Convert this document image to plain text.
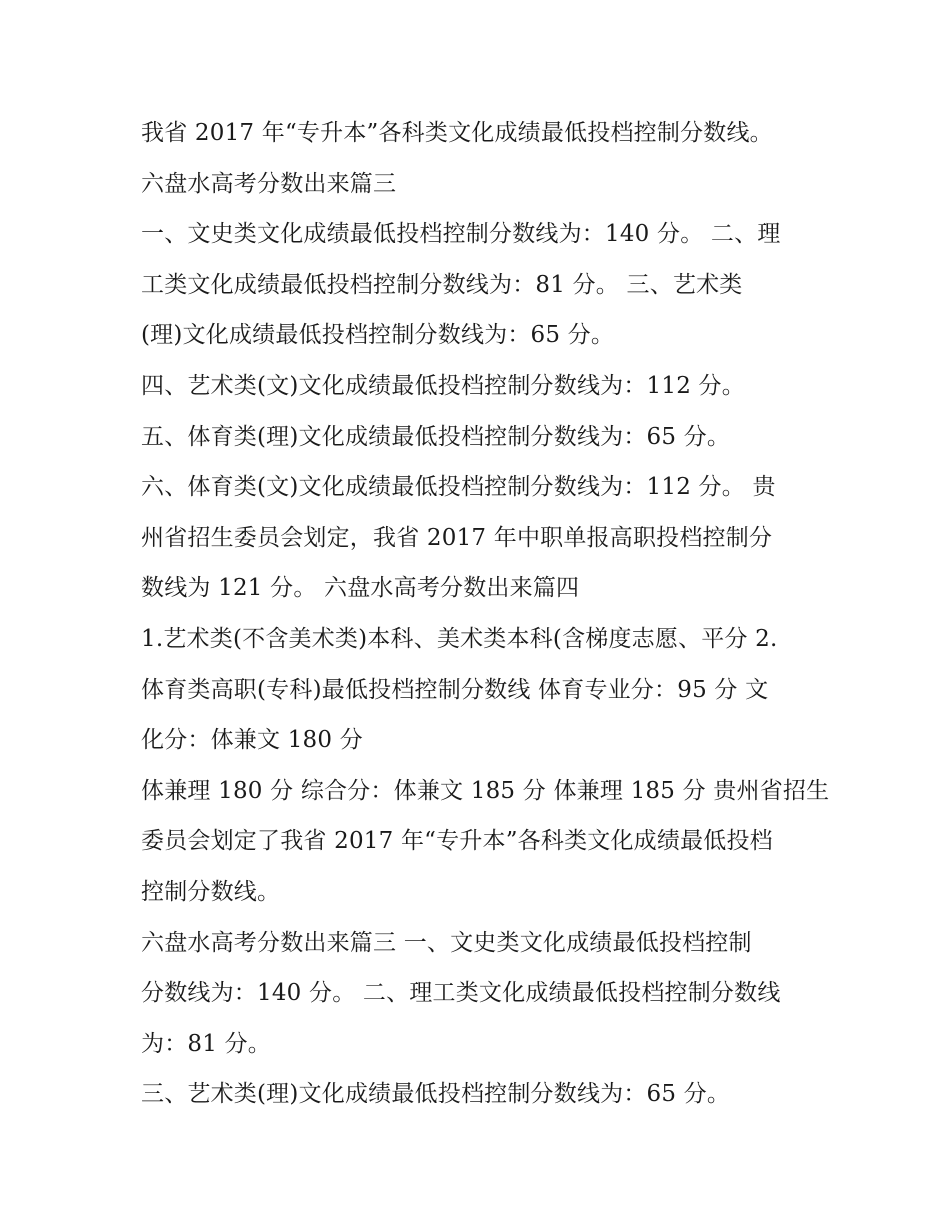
我省 2017 年“专升本”各科类文化成绩最低投档控制分数线。
六盘水高考分数出来篇三
一、文史类文化成绩最低投档控制分数线为：140 分。 二、理
工类文化成绩最低投档控制分数线为：81 分。 三、艺术类
(理)文化成绩最低投档控制分数线为：65 分。
四、艺术类(文)文化成绩最低投档控制分数线为：112 分。
五、体育类(理)文化成绩最低投档控制分数线为：65 分。
六、体育类(文)文化成绩最低投档控制分数线为：112 分。 贵
州省招生委员会划定，我省 2017 年中职单报高职投档控制分
数线为 121 分。 六盘水高考分数出来篇四
1.艺术类(不含美术类)本科、美术类本科(含梯度志愿、平分 2.
体育类高职(专科)最低投档控制分数线 体育专业分：95 分 文
化分：体兼文 180 分
体兼理 180 分 综合分：体兼文 185 分 体兼理 185 分 贵州省招生
委员会划定了我省 2017 年“专升本”各科类文化成绩最低投档
控制分数线。
六盘水高考分数出来篇三 一、文史类文化成绩最低投档控制
分数线为：140 分。 二、理工类文化成绩最低投档控制分数线
为：81 分。
三、艺术类(理)文化成绩最低投档控制分数线为：65 分。
